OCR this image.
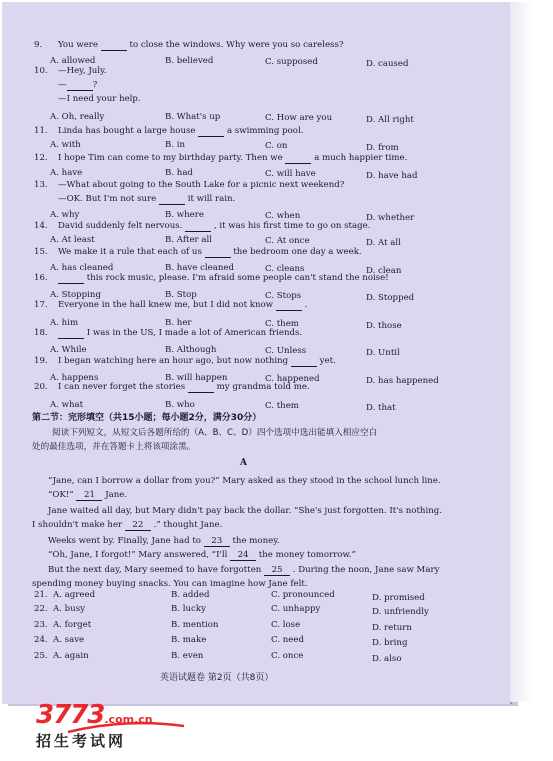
9. You were	to close the windows. Why were you so careless?
A. allowed	B. believed	C. supposed	D. caused
10. —Hey, July.
—	?
—I need your help.
A. Oh, really	B. What's up	C. How are you	D. All right
11. Linda has bought a large house	a swimming pool.
A. with	B. in	C. on	D. from
12. I hope Tim can come to my birthday party. Then we	a much happier time.
A. have	B. had	C. will have	D. have had
13. —What about going to the South Lake for a picnic next weekend?
—OK. But I'm not sure	it will rain.
A. why	B. where	C. when	D. whether
14. David suddenly felt nervous.	, it was his first time to go on stage.
A. At least	B. After all	C. At once	D. At all
15. We make it a rule that each of us	the bedroom one day a week.
A. has cleaned	B. have cleaned	C. cleans	D. clean
16.	this rock music, please. I'm afraid some people can't stand the noise!
A. Stopping	B. Stop	C. Stops	D. Stopped
17. Everyone in the hall knew me, but I did not know	.
A. him	B. her	C. them	D. those
18.	I was in the US, I made a lot of American friends.
A. While	B. Although	C. Unless	D. Until
19. I began watching here an hour ago, but now nothing	yet.
A. happens	B. will happen	C. happened	D. has happened
20. I can never forget the stories	my grandma told me.
A. what	B. who	C. them	D. that
第二节：完形填空（共15小题；每小题2分，满分30分）
阅读下列短文，从短文后各题所给的（A、B、C、D）四个选项中选出能填入相应空白
处的最佳选项，并在答题卡上将该项涂黑。
A
“Jane, can I borrow a dollar from you?” Mary asked as they stood in the school lunch line.
“OK!” 21 Jane.
Jane waited all day, but Mary didn't pay back the dollar. “She's just forgotten. It's nothing.
I shouldn't make her 22 .” thought Jane.
Weeks went by. Finally, Jane had to 23 the money.
“Oh, Jane, I forgot!” Mary answered, “I'll 24 the money tomorrow.”
But the next day, Mary seemed to have forgotten 25 . During the noon, Jane saw Mary
spending money buying snacks. You can imagine how Jane felt.
21. A. agreed	B. added	C. pronounced	D. promised
22. A. busy	B. lucky	C. unhappy	D. unfriendly
23. A. forget	B. mention	C. lose	D. return
24. A. save	B. make	C. need	D. bring
25. A. again	B. even	C. once	D. also
英语试题卷 第2页（共8页）
3773.com.cn
招生考试网
